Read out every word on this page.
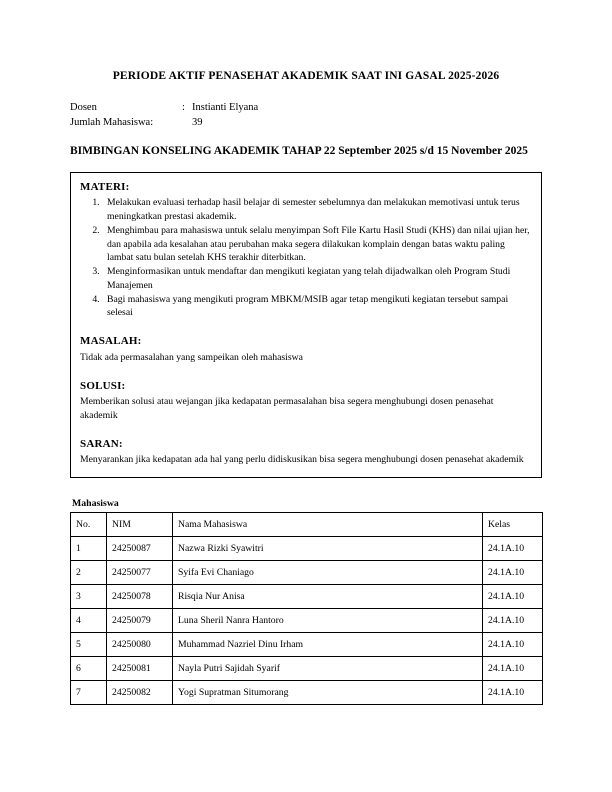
PERIODE AKTIF PENASEHAT AKADEMIK SAAT INI GASAL 2025-2026
Dosen	: Instianti Elyana
Jumlah Mahasiswa:	39
BIMBINGAN KONSELING AKADEMIK TAHAP 22 September 2025 s/d 15 November 2025
MATERI:
1. Melakukan evaluasi terhadap hasil belajar di semester sebelumnya dan melakukan memotivasi untuk terus meningkatkan prestasi akademik.
2. Menghimbau para mahasiswa untuk selalu menyimpan Soft File Kartu Hasil Studi (KHS) dan nilai ujian her, dan apabila ada kesalahan atau perubahan maka segera dilakukan komplain dengan batas waktu paling lambat satu bulan setelah KHS terakhir diterbitkan.
3. Menginformasikan untuk mendaftar dan mengikuti kegiatan yang telah dijadwalkan oleh Program Studi Manajemen
4. Bagi mahasiswa yang mengikuti program MBKM/MSIB agar tetap mengikuti kegiatan tersebut sampai selesai
MASALAH:

Tidak ada permasalahan yang sampeikan oleh mahasiswa

SOLUSI:

Memberikan solusi atau wejangan jika kedapatan permasalahan bisa segera menghubungi dosen penasehat akademik

SARAN:

Menyarankan jika kedapatan ada hal yang perlu didiskusikan bisa segera menghubungi dosen penasehat akademik

Mahasiswa
No.	NIM	Nama Mahasiswa	Kelas
1	24250087	Nazwa Rizki Syawitri	24.1A.10
2	24250077	Syifa Evi Chaniago	24.1A.10
3	24250078	Risqia Nur Anisa	24.1A.10
4	24250079	Luna Sheril Nanra Hantoro	24.1A.10
5	24250080	Muhammad Nazriel Dinu Irham	24.1A.10
6	24250081	Nayla Putri Sajidah Syarif	24.1A.10
7	24250082	Yogi Supratman Situmorang	24.1A.10
